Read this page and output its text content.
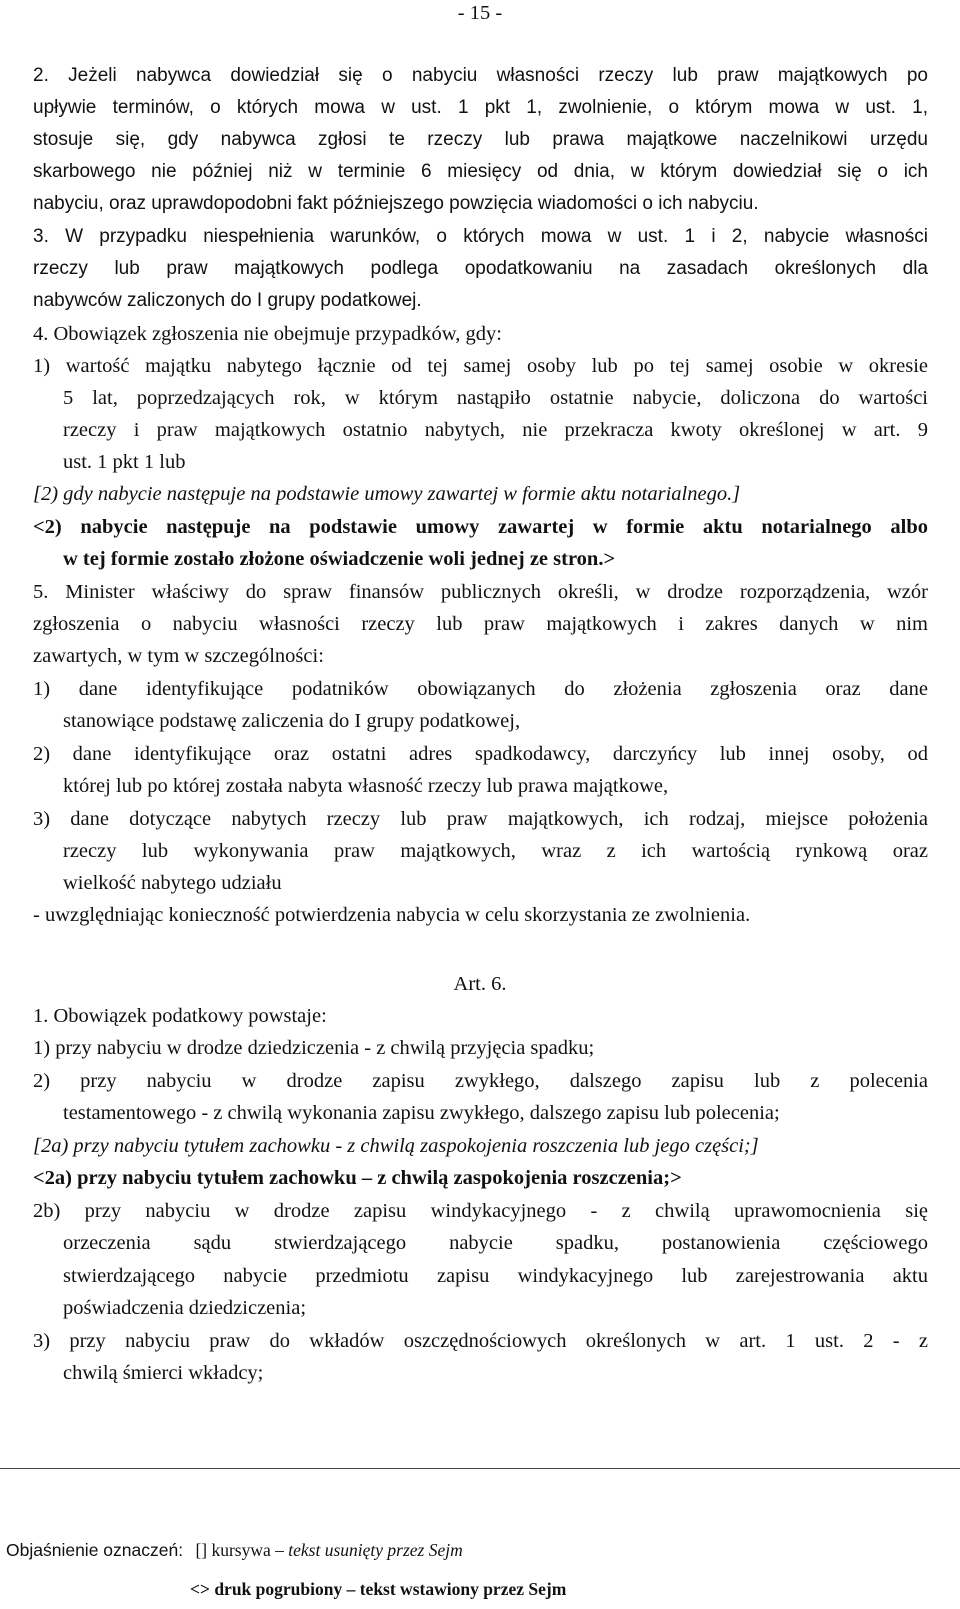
- 15 -
2. Jeżeli nabywca dowiedział się o nabyciu własności rzeczy lub praw majątkowych po
upływie terminów, o których mowa w ust. 1 pkt 1, zwolnienie, o którym mowa w ust. 1,
stosuje się, gdy nabywca zgłosi te rzeczy lub prawa majątkowe naczelnikowi urzędu
skarbowego nie później niż w terminie 6 miesięcy od dnia, w którym dowiedział się o ich
nabyciu, oraz uprawdopodobni fakt późniejszego powzięcia wiadomości o ich nabyciu.
3. W przypadku niespełnienia warunków, o których mowa w ust. 1 i 2, nabycie własności
rzeczy lub praw majątkowych podlega opodatkowaniu na zasadach określonych dla
nabywców zaliczonych do I grupy podatkowej.
4. Obowiązek zgłoszenia nie obejmuje przypadków, gdy:
1) wartość majątku nabytego łącznie od tej samej osoby lub po tej samej osobie w okresie
5 lat, poprzedzających rok, w którym nastąpiło ostatnie nabycie, doliczona do wartości
rzeczy i praw majątkowych ostatnio nabytych, nie przekracza kwoty określonej w art. 9
ust. 1 pkt 1 lub
[2) gdy nabycie następuje na podstawie umowy zawartej w formie aktu notarialnego.]
<2) nabycie następuje na podstawie umowy zawartej w formie aktu notarialnego albo
w tej formie zostało złożone oświadczenie woli jednej ze stron.>
5. Minister właściwy do spraw finansów publicznych określi, w drodze rozporządzenia, wzór
zgłoszenia o nabyciu własności rzeczy lub praw majątkowych i zakres danych w nim
zawartych, w tym w szczególności:
1) dane identyfikujące podatników obowiązanych do złożenia zgłoszenia oraz dane
stanowiące podstawę zaliczenia do I grupy podatkowej,
2) dane identyfikujące oraz ostatni adres spadkodawcy, darczyńcy lub innej osoby, od
której lub po której została nabyta własność rzeczy lub prawa majątkowe,
3) dane dotyczące nabytych rzeczy lub praw majątkowych, ich rodzaj, miejsce położenia
rzeczy lub wykonywania praw majątkowych, wraz z ich wartością rynkową oraz
wielkość nabytego udziału
- uwzględniając konieczność potwierdzenia nabycia w celu skorzystania ze zwolnienia.
Art. 6.
1. Obowiązek podatkowy powstaje:
1) przy nabyciu w drodze dziedziczenia - z chwilą przyjęcia spadku;
2) przy nabyciu w drodze zapisu zwykłego, dalszego zapisu lub z polecenia
testamentowego - z chwilą wykonania zapisu zwykłego, dalszego zapisu lub polecenia;
[2a) przy nabyciu tytułem zachowku - z chwilą zaspokojenia roszczenia lub jego części;]
<2a) przy nabyciu tytułem zachowku – z chwilą zaspokojenia roszczenia;>
2b) przy nabyciu w drodze zapisu windykacyjnego - z chwilą uprawomocnienia się
orzeczenia sądu stwierdzającego nabycie spadku, postanowienia częściowego
stwierdzającego nabycie przedmiotu zapisu windykacyjnego lub zarejestrowania aktu
poświadczenia dziedziczenia;
3) przy nabyciu praw do wkładów oszczędnościowych określonych w art. 1 ust. 2 - z
chwilą śmierci wkładcy;
Objaśnienie oznaczeń: [] kursywa – tekst usunięty przez Sejm
<> druk pogrubiony – tekst wstawiony przez Sejm
